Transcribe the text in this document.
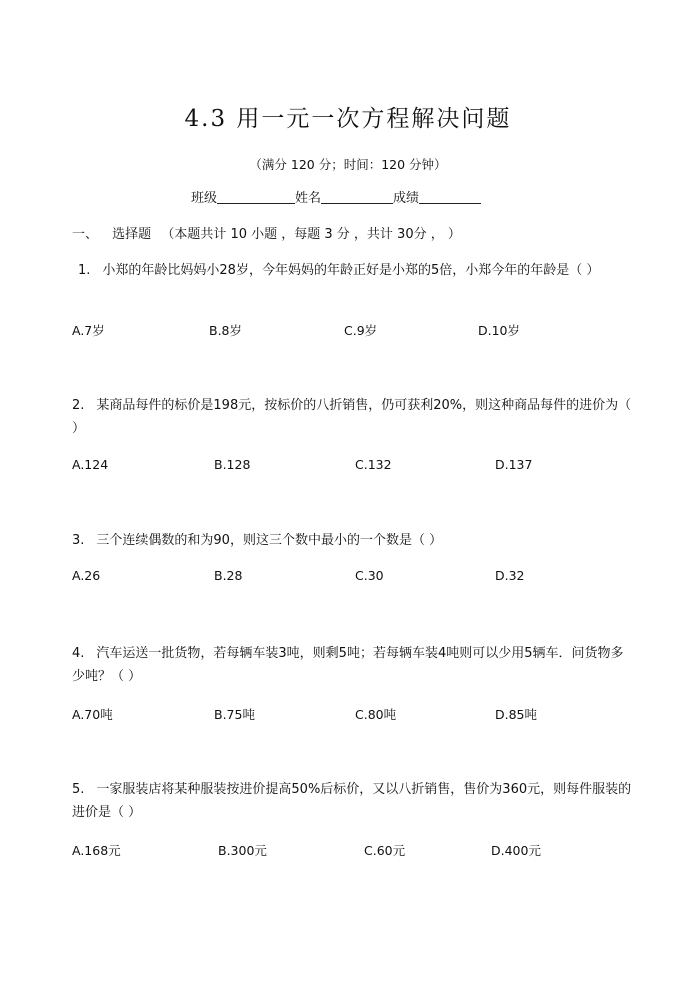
4.3 用一元一次方程解决问题
（满分 120 分；时间：120 分钟）
班级	姓名	成绩
一、 选择题 （本题共计 10 小题 ，每题 3 分 ，共计 30分 ， ）
1. 小郑的年龄比妈妈小28岁，今年妈妈的年龄正好是小郑的5倍，小郑今年的年龄是（ ）
A.7岁	B.8岁	C.9岁	D.10岁
2. 某商品每件的标价是198元，按标价的八折销售，仍可获利20%，则这种商品每件的进价为（ ）
A.124	B.128	C.132	D.137
3. 三个连续偶数的和为90，则这三个数中最小的一个数是（ ）
A.26	B.28	C.30	D.32
4. 汽车运送一批货物，若每辆车装3吨，则剩5吨；若每辆车装4吨则可以少用5辆车．问货物多少吨？（ ）
A.70吨	B.75吨	C.80吨	D.85吨
5. 一家服装店将某种服装按进价提高50%后标价，又以八折销售，售价为360元，则每件服装的进价是（ ）
A.168元	B.300元	C.60元	D.400元
